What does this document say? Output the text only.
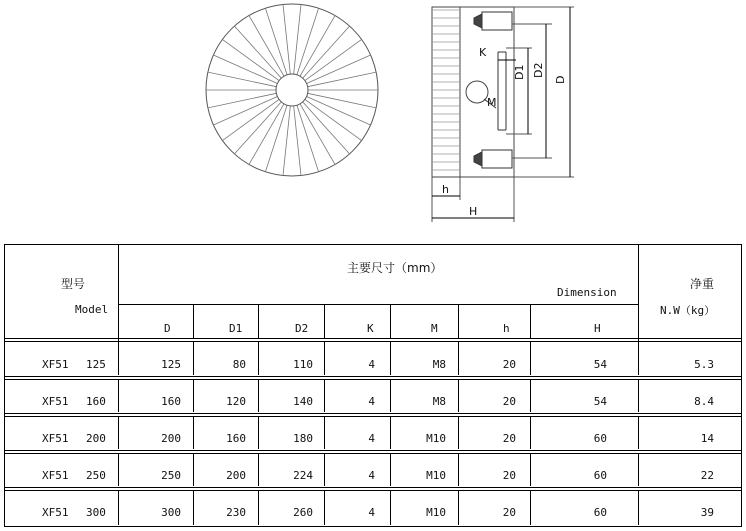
K
D1 D2
D
M
h
H
型号
Model
主要尺寸（mm）
Dimension
净重
N.W（kg）
D	D1	D2	K	M	h	H
XF51 125	125	80	110	4	M8	20	54	5.3
XF51 160	160	120	140	4	M8	20	54	8.4
XF51 200	200	160	180	4	M10	20	60	14
XF51 250	250	200	224	4	M10	20	60	22
XF51 300	300	230	260	4	M10	20	60	39
